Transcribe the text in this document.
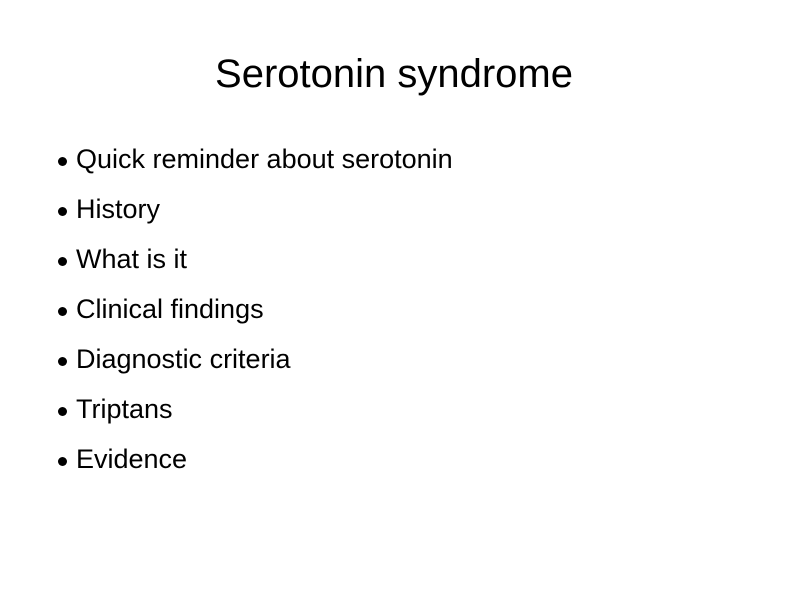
Serotonin syndrome
Quick reminder about serotonin
History
What is it
Clinical findings
Diagnostic criteria
Triptans
Evidence
